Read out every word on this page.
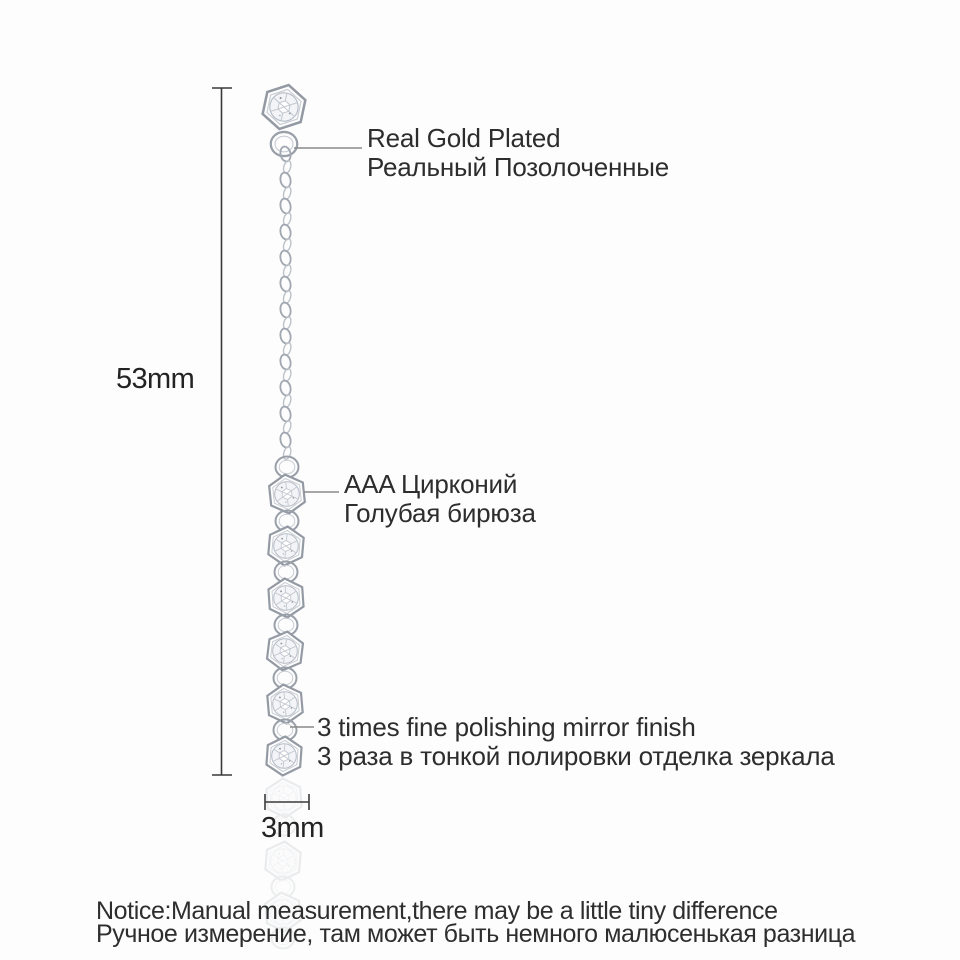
53mm
3mm
Real Gold Plated
Реальный Позолоченные
AAA Цирконий
Голубая бирюза
3 times fine polishing mirror finish
3 раза в тонкой полировки отделка зеркала
Notice:Manual measurement,there may be a little tiny difference
Ручное измерение, там может быть немного малюсенькая разница
